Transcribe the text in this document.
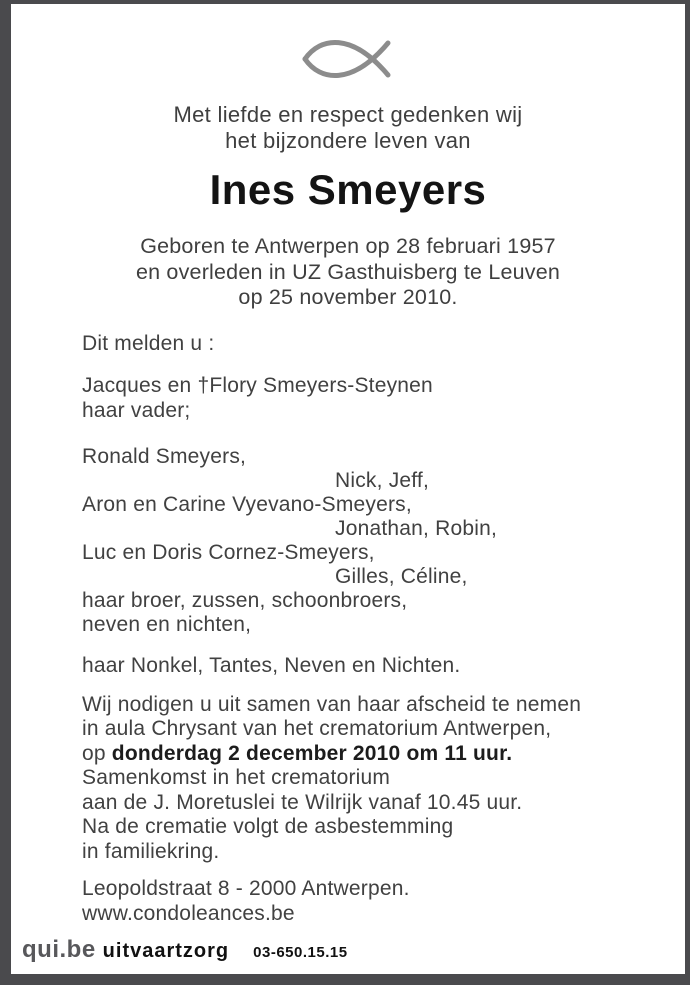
Met liefde en respect gedenken wij
het bijzondere leven van
Ines Smeyers
Geboren te Antwerpen op 28 februari 1957
en overleden in UZ Gasthuisberg te Leuven
op 25 november 2010.
Dit melden u :
Jacques en †Flory Smeyers-Steynen
haar vader;
Ronald Smeyers,
Nick, Jeff,
Aron en Carine Vyevano-Smeyers,
Jonathan, Robin,
Luc en Doris Cornez-Smeyers,
Gilles, Céline,
haar broer, zussen, schoonbroers,
neven en nichten,
haar Nonkel, Tantes, Neven en Nichten.
Wij nodigen u uit samen van haar afscheid te nemen
in aula Chrysant van het crematorium Antwerpen,
op donderdag 2 december 2010 om 11 uur.
Samenkomst in het crematorium
aan de J. Moretuslei te Wilrijk vanaf 10.45 uur.
Na de crematie volgt de asbestemming
in familiekring.
Leopoldstraat 8 - 2000 Antwerpen.
www.condoleances.be
qui.be uitvaartzorg 03-650.15.15
